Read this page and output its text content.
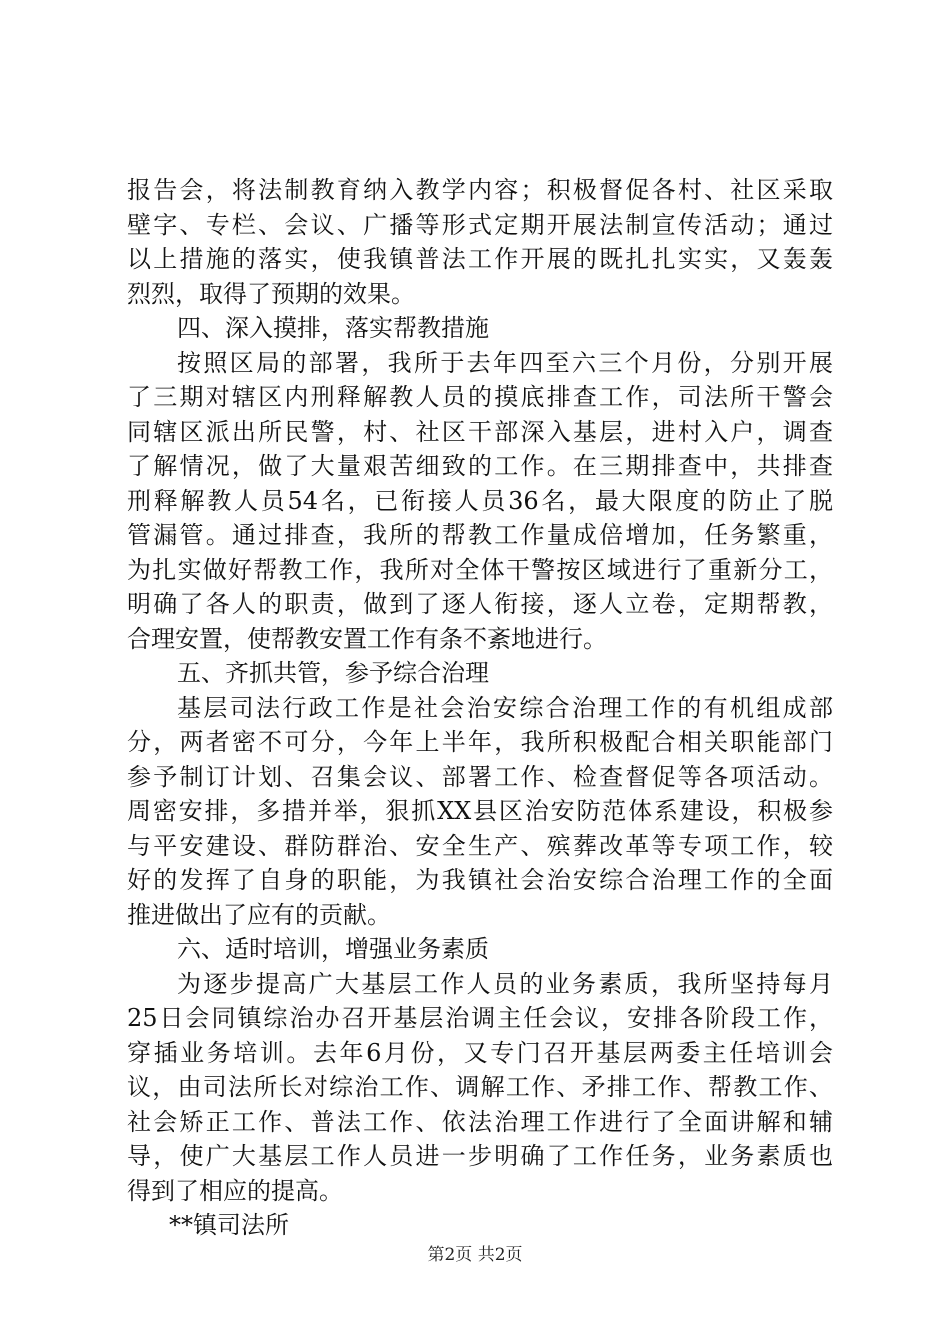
报告会，将法制教育纳入教学内容；积极督促各村、社区采取
壁字、专栏、会议、广播等形式定期开展法制宣传活动；通过
以上措施的落实，使我镇普法工作开展的既扎扎实实，又轰轰
烈烈，取得了预期的效果。
四、深入摸排，落实帮教措施
按照区局的部署，我所于去年四至六三个月份，分别开展
了三期对辖区内刑释解教人员的摸底排查工作，司法所干警会
同辖区派出所民警，村、社区干部深入基层，进村入户，调查
了解情况，做了大量艰苦细致的工作。在三期排查中，共排查
刑释解教人员54名，已衔接人员36名，最大限度的防止了脱
管漏管。通过排查，我所的帮教工作量成倍增加，任务繁重，
为扎实做好帮教工作，我所对全体干警按区域进行了重新分工，
明确了各人的职责，做到了逐人衔接，逐人立卷，定期帮教，
合理安置，使帮教安置工作有条不紊地进行。
五、齐抓共管，参予综合治理
基层司法行政工作是社会治安综合治理工作的有机组成部
分，两者密不可分，今年上半年，我所积极配合相关职能部门
参予制订计划、召集会议、部署工作、检查督促等各项活动。
周密安排，多措并举，狠抓XX县区治安防范体系建设，积极参
与平安建设、群防群治、安全生产、殡葬改革等专项工作，较
好的发挥了自身的职能，为我镇社会治安综合治理工作的全面
推进做出了应有的贡献。
六、适时培训，增强业务素质
为逐步提高广大基层工作人员的业务素质，我所坚持每月
25日会同镇综治办召开基层治调主任会议，安排各阶段工作，
穿插业务培训。去年6月份，又专门召开基层两委主任培训会
议，由司法所长对综治工作、调解工作、矛排工作、帮教工作、
社会矫正工作、普法工作、依法治理工作进行了全面讲解和辅
导，使广大基层工作人员进一步明确了工作任务，业务素质也
得到了相应的提高。
**镇司法所
第2页 共2页
